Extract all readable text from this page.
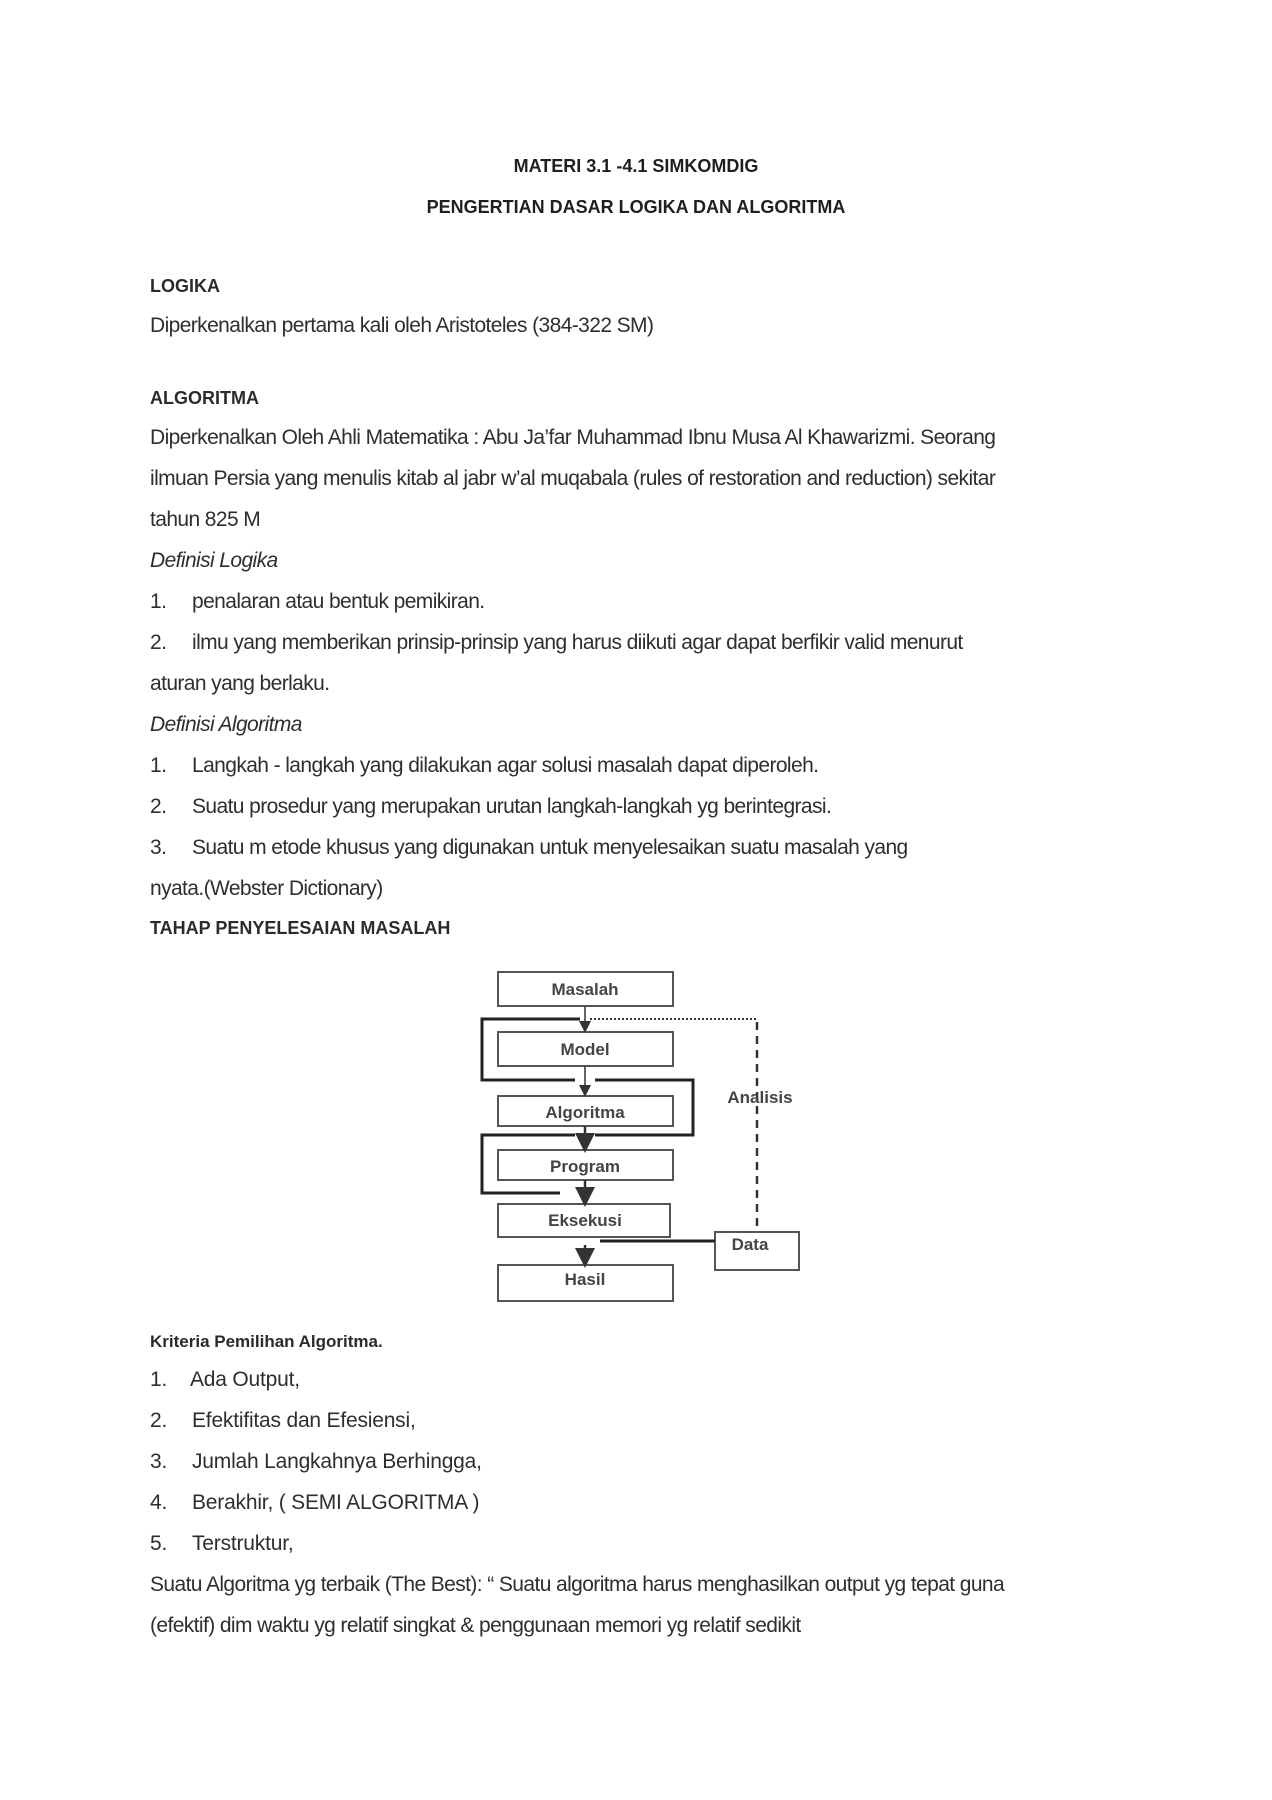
MATERI 3.1 -4.1 SIMKOMDIG
PENGERTIAN DASAR LOGIKA DAN ALGORITMA
LOGIKA
Diperkenalkan pertama kali oleh Aristoteles (384-322 SM)
ALGORITMA
Diperkenalkan Oleh Ahli Matematika : Abu Ja’far Muhammad Ibnu Musa Al Khawarizmi. Seorang
ilmuan Persia yang menulis kitab al jabr w’al muqabala (rules of restoration and reduction) sekitar
tahun 825 M
Definisi Logika
1. penalaran atau bentuk pemikiran.
2. ilmu yang memberikan prinsip-prinsip yang harus diikuti agar dapat berfikir valid menurut
aturan yang berlaku.
Definisi Algoritma
1. Langkah - langkah yang dilakukan agar solusi masalah dapat diperoleh.
2. Suatu prosedur yang merupakan urutan langkah-langkah yg berintegrasi.
3. Suatu m etode khusus yang digunakan untuk menyelesaikan suatu masalah yang
nyata.(Webster Dictionary)
TAHAP PENYELESAIAN MASALAH
Masalah
Model
Algoritma
Program
Eksekusi
Hasil
Data
Analisis
Kriteria Pemilihan Algoritma.
1. Ada Output,
2. Efektifitas dan Efesiensi,
3. Jumlah Langkahnya Berhingga,
4. Berakhir, ( SEMI ALGORITMA )
5. Terstruktur,
Suatu Algoritma yg terbaik (The Best): “ Suatu algoritma harus menghasilkan output yg tepat guna
(efektif) dim waktu yg relatif singkat & penggunaan memori yg relatif sedikit
